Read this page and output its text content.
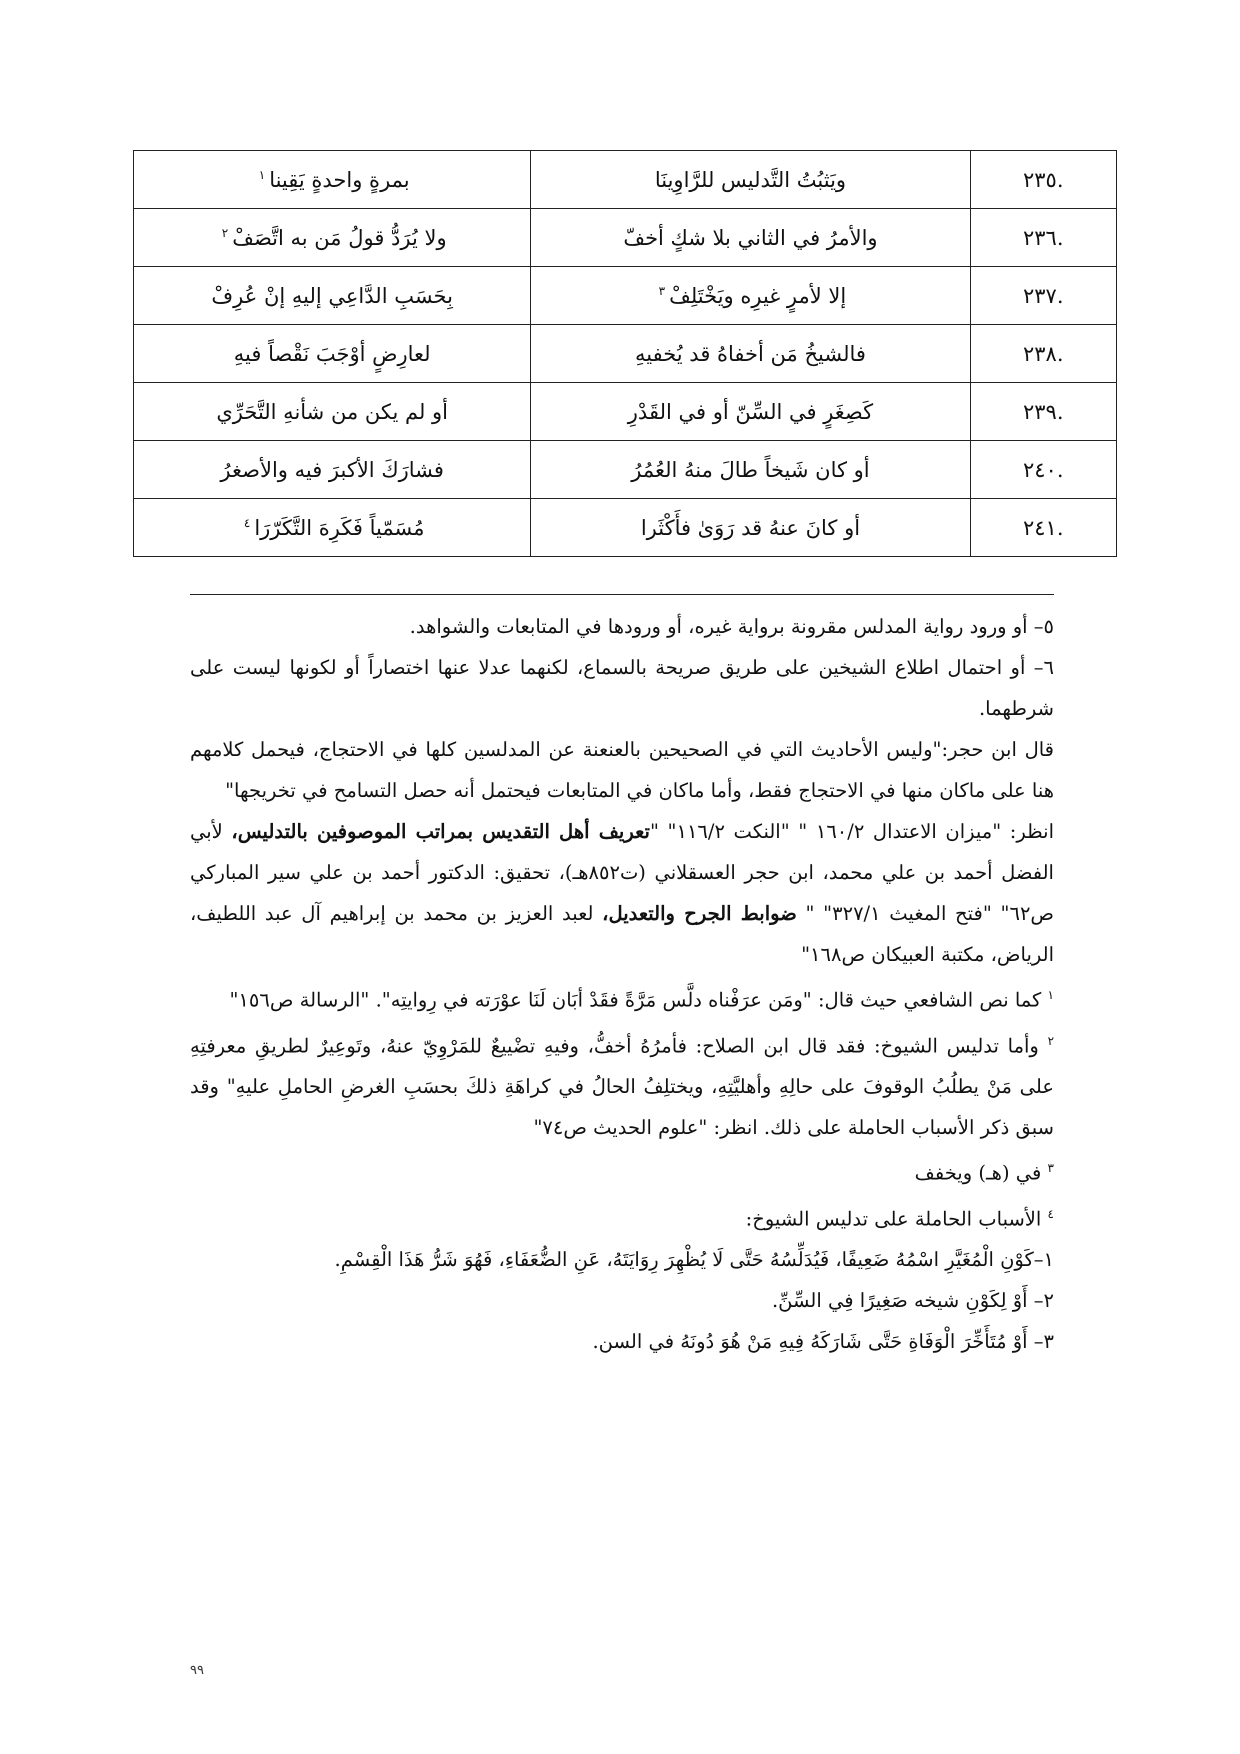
.٢٣٥	ويَثبُتُ التَّدليس للرَّاوِينَا	بمرةٍ واحدةٍ يَقِينا$^١$
.٢٣٦	والأمرُ في الثاني بلا شكٍ أخفّ	ولا يُرَدُّ قولُ مَن به اتَّصَفْ$^٢$
.٢٣٧	إلا لأمرٍ غيرِه ويَخْتَلِفْ$^٣$	بِحَسَبِ الدَّاعِي إليهِ إنْ عُرِفْ
.٢٣٨	فالشيخُ مَن أخفاهُ قد يُخفيهِ	لعارِضٍ أوْجَبَ نَقْصاً فيهِ
.٢٣٩	كَصِغَرٍ في السِّنّ أو في القَدْرِ	أو لم يكن من شأنهِ التَّحَرِّي
.٢٤٠	أو كان شَيخاً طالَ منهُ العُمُرُ	فشارَكَ الأكبرَ فيه والأصغرُ
.٢٤١	أو كانَ عنهُ قد رَوَىٰ فأَكْثَرا	مُسَمّياً فَكَرِهَ التَّكَرّرَا$^٤$

٥– أو ورود رواية المدلس مقرونة برواية غيره، أو ورودها في المتابعات والشواهد.

٦– أو احتمال اطلاع الشيخين على طريق صريحة بالسماع، لكنهما عدلا عنها اختصاراً أو لكونها ليست على شرطهما.

قال ابن حجر:"وليس الأحاديث التي في الصحيحين بالعنعنة عن المدلسين كلها في الاحتجاج، فيحمل كلامهم هنا على ماكان منها في الاحتجاج فقط، وأما ماكان في المتابعات فيحتمل أنه حصل التسامح في تخريجها"

انظر: "ميزان الاعتدال ١٦٠/٢ " "النكت ١١٦/٢" "تعريف أهل التقديس بمراتب الموصوفين بالتدليس، لأبي الفضل أحمد بن علي محمد، ابن حجر العسقلاني (ت٨٥٢هـ)، تحقيق: الدكتور أحمد بن علي سير المباركي ص٦٢" "فتح المغيث ٣٢٧/١" " ضوابط الجرح والتعديل، لعبد العزيز بن محمد بن إبراهيم آل عبد اللطيف، الرياض، مكتبة العبيكان ص١٦٨"

$^١$ كما نص الشافعي حيث قال: "ومَن عرَفْناه دلَّس مَرَّةً فقَدْ أبَان لَنَا عوْرَته في رِوايتِه". "الرسالة ص١٥٦"

$^٢$ وأما تدليس الشيوخ: فقد قال ابن الصلاح: فأمرُهُ أخفُّ، وفيهِ تضْييعٌ للمَرْوِيّ عنهُ، وتَوعِيرٌ لطريقِ معرفتِهِ على مَنْ يطلُبُ الوقوفَ على حالِهِ وأهليَّتِهِ، ويختلِفُ الحالُ في كراهَةِ ذلكَ بحسَبِ الغرضِ الحاملِ عليهِ" وقد سبق ذكر الأسباب الحاملة على ذلك. انظر: "علوم الحديث ص٧٤"

$^٣$ في (هـ) ويخفف

$^٤$ الأسباب الحاملة على تدليس الشيوخ:

١–كَوْنِ الْمُغَيَّرِ اسْمُهُ ضَعِيفًا، فَيُدَلِّسُهُ حَتَّى لَا يُظْهِرَ رِوَايَتَهُ، عَنِ الضُّعَفَاءِ، فَهُوَ شَرُّ هَذَا الْقِسْمِ.

٢– أَوْ لِكَوْنِ شيخه صَغِيرًا فِي السِّنِّ.

٣– أَوْ مُتَأَخِّرَ الْوَفَاةِ حَتَّى شَارَكَهُ فِيهِ مَنْ هُوَ دُونَهُ في السن.

٩٩
